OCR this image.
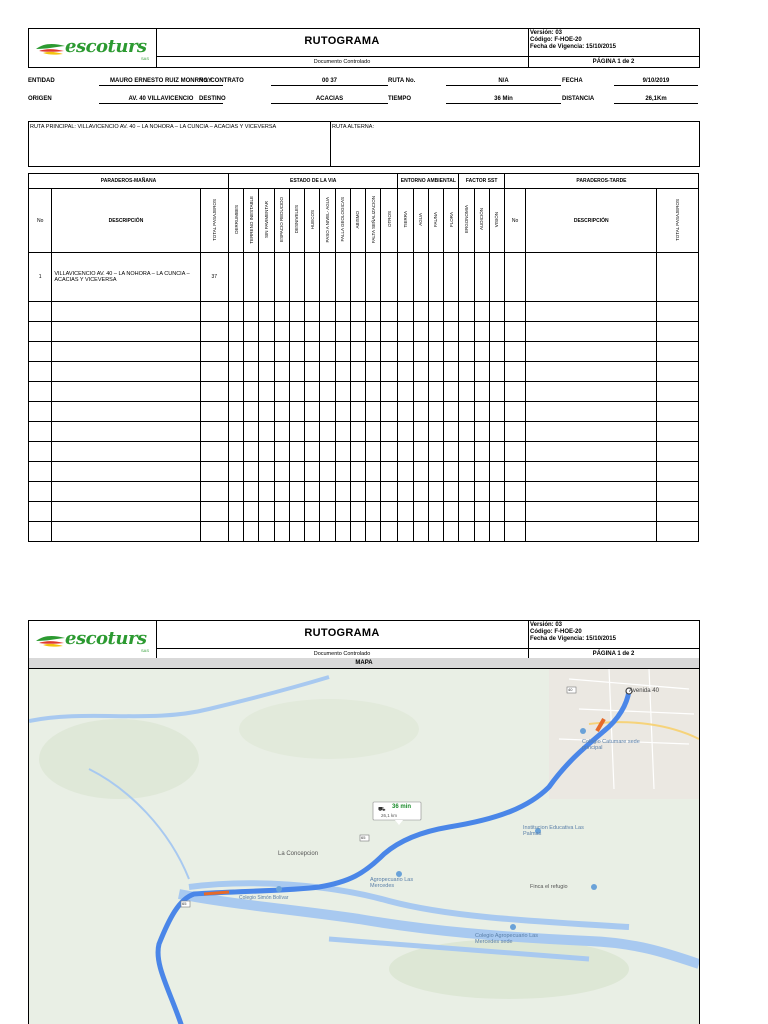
escoturs
SAS
RUTOGRAMA
Documento Controlado
Versión: 03
Código: F-HOE-20
Fecha de Vigencia: 15/10/2015
PÁGINA 1 de 2
ENTIDAD	MAURO ERNESTO RUIZ MONRROY
No. CONTRATO	00 37	RUTA No.	N/A	FECHA	9/10/2019
ORIGEN	AV. 40 VILLAVICENCIO DESTINO	ACACIAS	TIEMPO	36 Min	DISTANCIA	26,1Km
RUTA PRINCIPAL: VILLAVICENCIO AV. 40 – LA NOHORA – LA CUNCIA – ACACIAS Y VICEVERSA	RUTA ALTERNA:
PARADEROS-MAÑANA			ESTADO DE LA VIA											ENTORNO AMBIENTAL				FACTOR SST			PARADEROS-TARDE		
No	DESCRIPCIÓN	TOTAL PASAJEROS	DERRUMBES	TERRENO INESTABLE	SIN PAVIMENTAR	ESPACIO REDUCIDO	DESNIVELES	HUECOS	PASO A NIVEL- AGUA	FALLA GEOLOGICAS	ABISMO	FALTA SEÑALIZACION	OTROS	TIERRA	AGUA	FAUNA	FLORA	ERGONOMIA	AUDICIÓN	VISIÓN	No	DESCRIPCIÓN	TOTAL PASAJEROS
1	VILLAVICENCIO AV. 40 – LA NOHORA – LA CUNCIA – ACACIAS Y VICEVERSA	37																					

escoturs
SAS
RUTOGRAMA
Documento Controlado
Versión: 03
Código: F-HOE-20
Fecha de Vigencia: 15/10/2015
PÁGINA 1 de 2
MAPA
⛟
Avenida 40
Colegio Catumare sede principal
Institucion Educativa Las Palmas
La Concepcion
Agropecuario Las Mercedes	Finca el refugio
Colegio Simón Bolívar
Colegio Agropecuario Las Mercedes sede
36 min
26,1 km
40
65
65
